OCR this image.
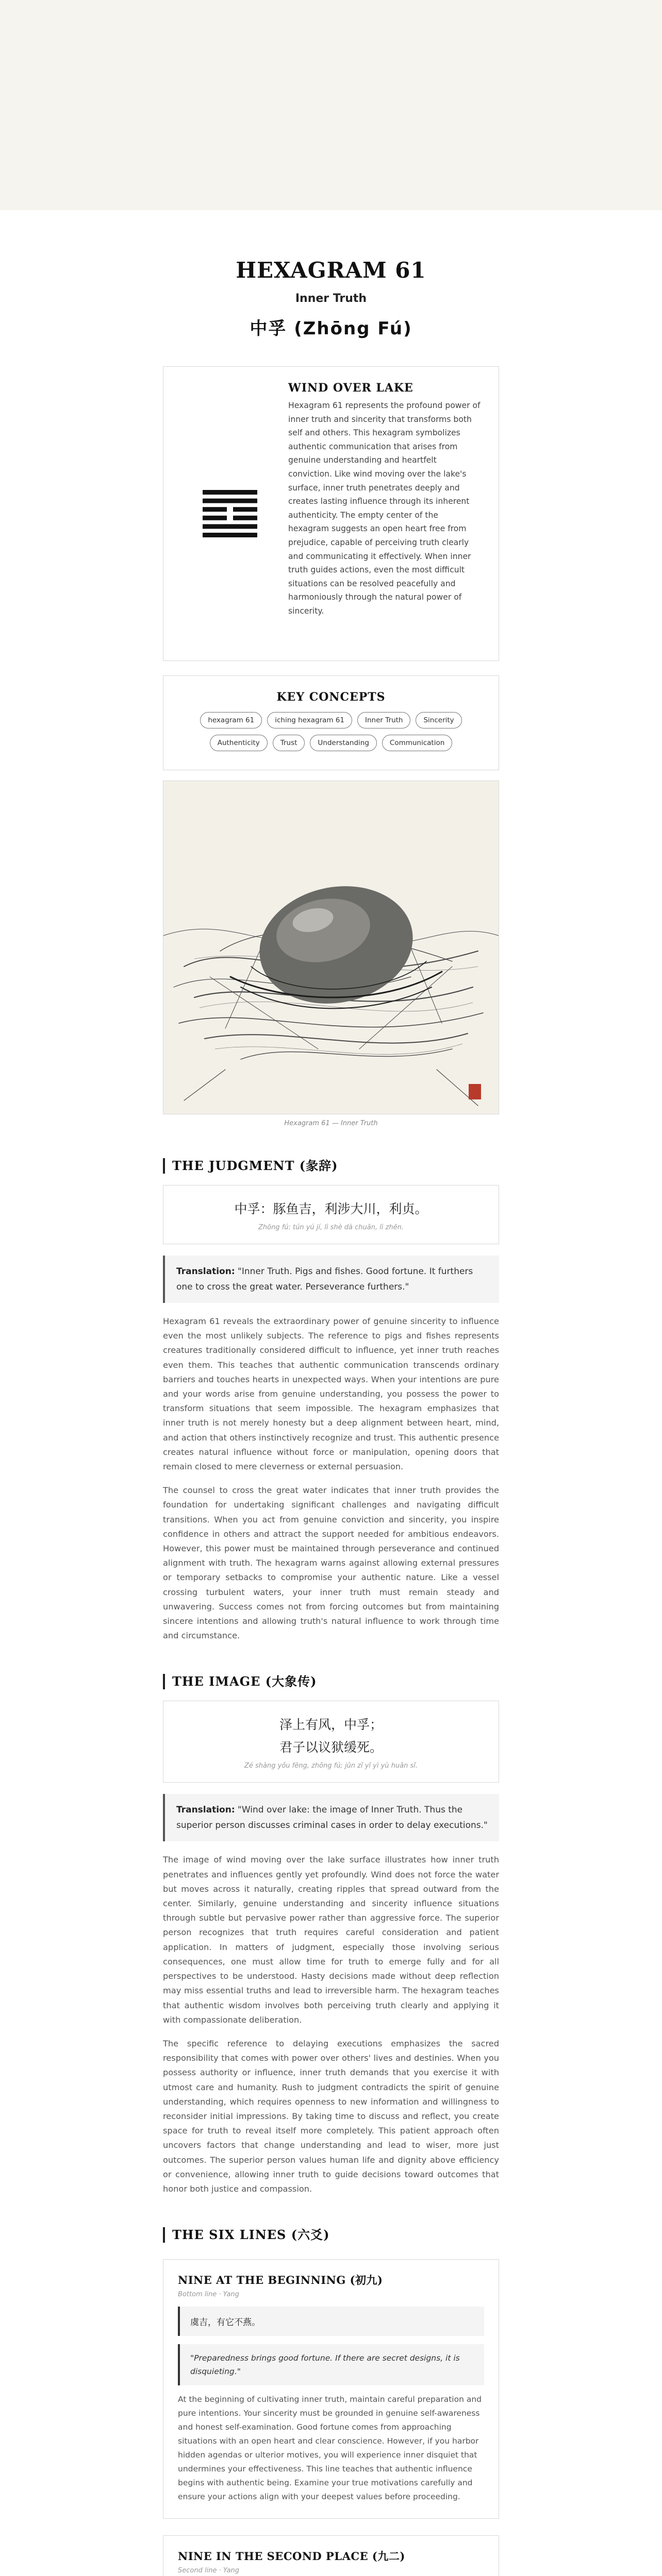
HEXAGRAM 61
Inner Truth
中孚 (Zhōng Fú)
WIND OVER LAKE

Hexagram 61 represents the profound power of inner truth and sincerity that transforms both self and others. This hexagram symbolizes authentic communication that arises from genuine understanding and heartfelt conviction. Like wind moving over the lake's surface, inner truth penetrates deeply and creates lasting influence through its inherent authenticity. The empty center of the hexagram suggests an open heart free from prejudice, capable of perceiving truth clearly and communicating it effectively. When inner truth guides actions, even the most difficult situations can be resolved peacefully and harmoniously through the natural power of sincerity.

KEY CONCEPTS
hexagram 61	iching hexagram 61	Inner Truth	Sincerity
Authenticity	Trust	Understanding	Communication
Hexagram 61 — Inner Truth
THE JUDGMENT (彖辞)
中孚：豚鱼吉，利涉大川，利贞。
Zhōng fú: tún yú jí, lì shè dà chuān, lì zhēn.
Translation: "Inner Truth. Pigs and fishes. Good fortune. It furthers one to cross the great water. Perseverance furthers."

Hexagram 61 reveals the extraordinary power of genuine sincerity to influence even the most unlikely subjects. The reference to pigs and fishes represents creatures traditionally considered difficult to influence, yet inner truth reaches even them. This teaches that authentic communication transcends ordinary barriers and touches hearts in unexpected ways. When your intentions are pure and your words arise from genuine understanding, you possess the power to transform situations that seem impossible. The hexagram emphasizes that inner truth is not merely honesty but a deep alignment between heart, mind, and action that others instinctively recognize and trust. This authentic presence creates natural influence without force or manipulation, opening doors that remain closed to mere cleverness or external persuasion.

The counsel to cross the great water indicates that inner truth provides the foundation for undertaking significant challenges and navigating difficult transitions. When you act from genuine conviction and sincerity, you inspire confidence in others and attract the support needed for ambitious endeavors. However, this power must be maintained through perseverance and continued alignment with truth. The hexagram warns against allowing external pressures or temporary setbacks to compromise your authentic nature. Like a vessel crossing turbulent waters, your inner truth must remain steady and unwavering. Success comes not from forcing outcomes but from maintaining sincere intentions and allowing truth's natural influence to work through time and circumstance.

THE IMAGE (大象传)
泽上有风，中孚；
君子以议狱缓死。
Zé shàng yǒu fēng, zhōng fú; jūn zǐ yǐ yì yù huǎn sǐ.
Translation: "Wind over lake: the image of Inner Truth. Thus the superior person discusses criminal cases in order to delay executions."

The image of wind moving over the lake surface illustrates how inner truth penetrates and influences gently yet profoundly. Wind does not force the water but moves across it naturally, creating ripples that spread outward from the center. Similarly, genuine understanding and sincerity influence situations through subtle but pervasive power rather than aggressive force. The superior person recognizes that truth requires careful consideration and patient application. In matters of judgment, especially those involving serious consequences, one must allow time for truth to emerge fully and for all perspectives to be understood. Hasty decisions made without deep reflection may miss essential truths and lead to irreversible harm. The hexagram teaches that authentic wisdom involves both perceiving truth clearly and applying it with compassionate deliberation.

The specific reference to delaying executions emphasizes the sacred responsibility that comes with power over others' lives and destinies. When you possess authority or influence, inner truth demands that you exercise it with utmost care and humanity. Rush to judgment contradicts the spirit of genuine understanding, which requires openness to new information and willingness to reconsider initial impressions. By taking time to discuss and reflect, you create space for truth to reveal itself more completely. This patient approach often uncovers factors that change understanding and lead to wiser, more just outcomes. The superior person values human life and dignity above efficiency or convenience, allowing inner truth to guide decisions toward outcomes that honor both justice and compassion.

THE SIX LINES (六爻)
NINE AT THE BEGINNING (初九)
Bottom line · Yang
虞吉，有它不燕。
"Preparedness brings good fortune. If there are secret designs, it is disquieting."
At the beginning of cultivating inner truth, maintain careful preparation and pure intentions. Your sincerity must be grounded in genuine self-awareness and honest self-examination. Good fortune comes from approaching situations with an open heart and clear conscience. However, if you harbor hidden agendas or ulterior motives, you will experience inner disquiet that undermines your effectiveness. This line teaches that authentic influence begins with authentic being. Examine your true motivations carefully and ensure your actions align with your deepest values before proceeding.
NINE IN THE SECOND PLACE (九二)
Second line · Yang
